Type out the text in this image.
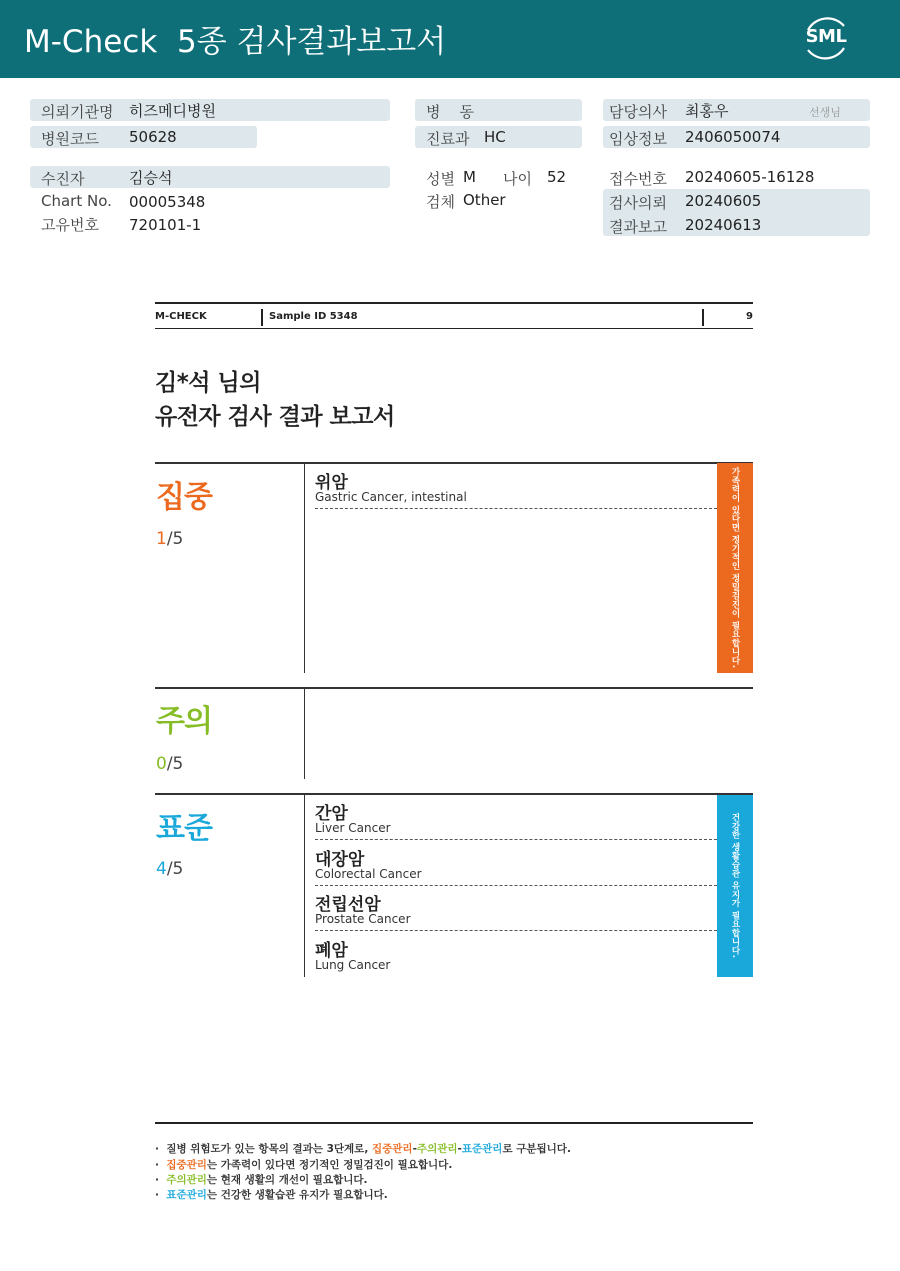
M-Check  5종 검사결과보고서	SML
의뢰기관명 히즈메디병원
병원코드 50628
수진자	김승석
Chart No. 00005348
고유번호 720101-1
병    동
진료과 HC
성별 M 나이 52
검체 Other
담당의사 최홍우	선생님
임상정보 2406050074
접수번호 20240605-16128
검사의뢰 20240605
결과보고 20240613
M-CHECK	Sample ID 5348	9
김*석 님의
유전자 검사 결과 보고서
집중
1/5
위암
Gastric Cancer, intestinal	가족력이 있다면 정기적인 정밀검진이 필요합니다.
주의
0/5
표준
4/5
간암
Liver Cancer
대장암
Colorectal Cancer
전립선암
Prostate Cancer
폐암
Lung Cancer
건강한 생활습관 유지가 필요합니다.
·  질병 위험도가 있는 항목의 결과는 3단계로, 집중관리-주의관리-표준관리로 구분됩니다.
·  집중관리는 가족력이 있다면 정기적인 정밀검진이 필요합니다.
·  주의관리는 현재 생활의 개선이 필요합니다.
·  표준관리는 건강한 생활습관 유지가 필요합니다.
